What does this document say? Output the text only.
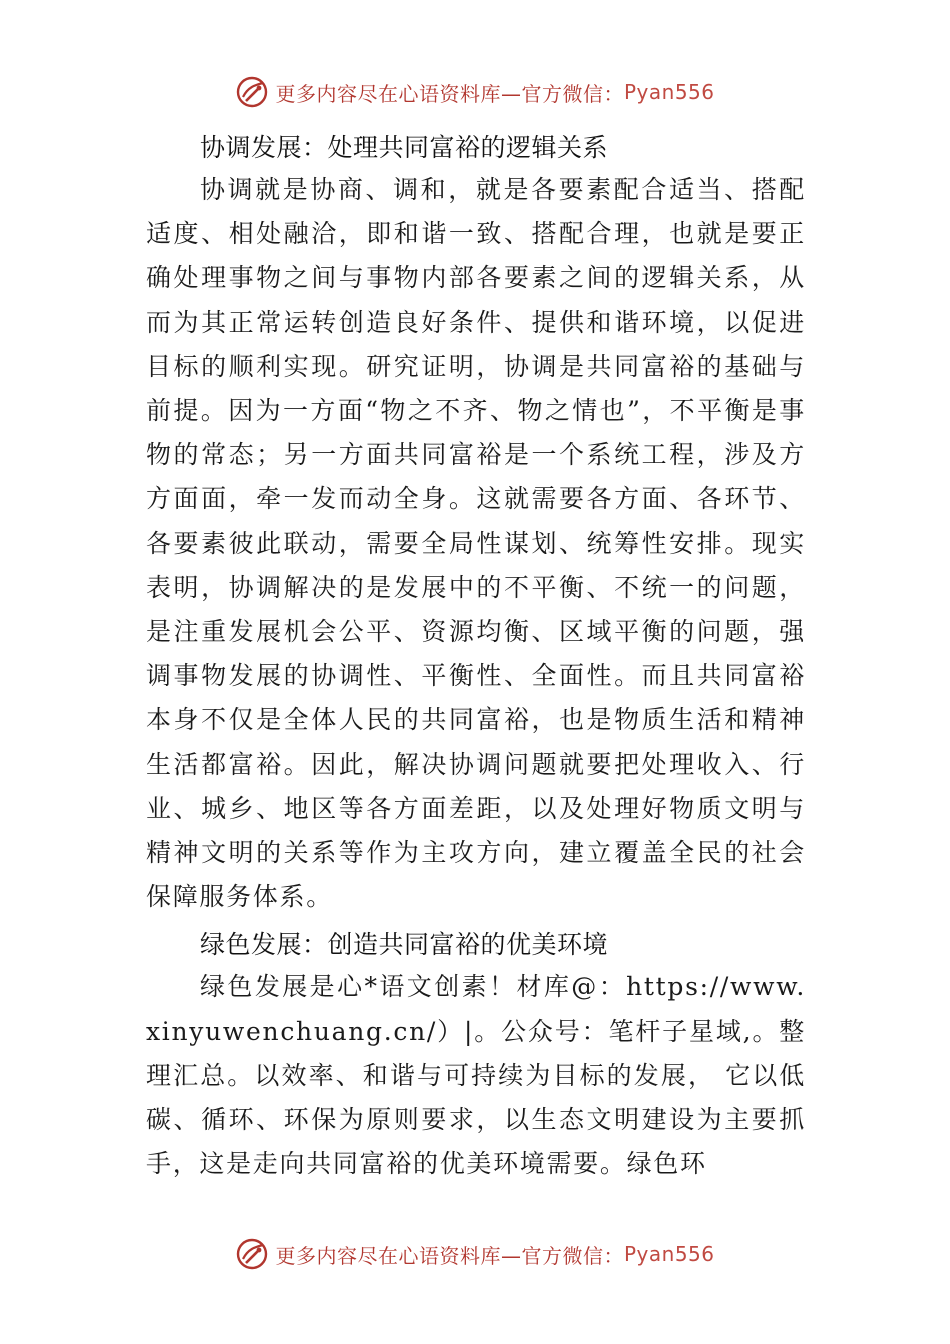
更多内容尽在心语资料库—官方微信： Pyan556
协调发展：处理共同富裕的逻辑关系

协调就是协商、调和，就是各要素配合适当、搭配适度、相处融洽，即和谐一致、搭配合理，也就是要正确处理事物之间与事物内部各要素之间的逻辑关系，从而为其正常运转创造良好条件、提供和谐环境，以促进目标的顺利实现。研究证明，协调是共同富裕的基础与前提。因为一方面“物之不齐、物之情也”，不平衡是事物的常态；另一方面共同富裕是一个系统工程，涉及方方面面，牵一发而动全身。这就需要各方面、各环节、各要素彼此联动，需要全局性谋划、统筹性安排。现实表明，协调解决的是发展中的不平衡、不统一的问题，是注重发展机会公平、资源均衡、区域平衡的问题，强调事物发展的协调性、平衡性、全面性。而且共同富裕本身不仅是全体人民的共同富裕，也是物质生活和精神生活都富裕。因此，解决协调问题就要把处理收入、行业、城乡、地区等各方面差距，以及处理好物质文明与精神文明的关系等作为主攻方向，建立覆盖全民的社会保障服务体系。

绿色发展：创造共同富裕的优美环境

绿色发展是心*语文创素！材库@：https://www.xinyuwenchuang.cn/）|。公众号：笔杆子星域,。整理汇总。以效率、和谐与可持续为目标的发展， 它以低碳、循环、环保为原则要求，以生态文明建设为主要抓手，这是走向共同富裕的优美环境需要。绿色环

更多内容尽在心语资料库—官方微信： Pyan556
